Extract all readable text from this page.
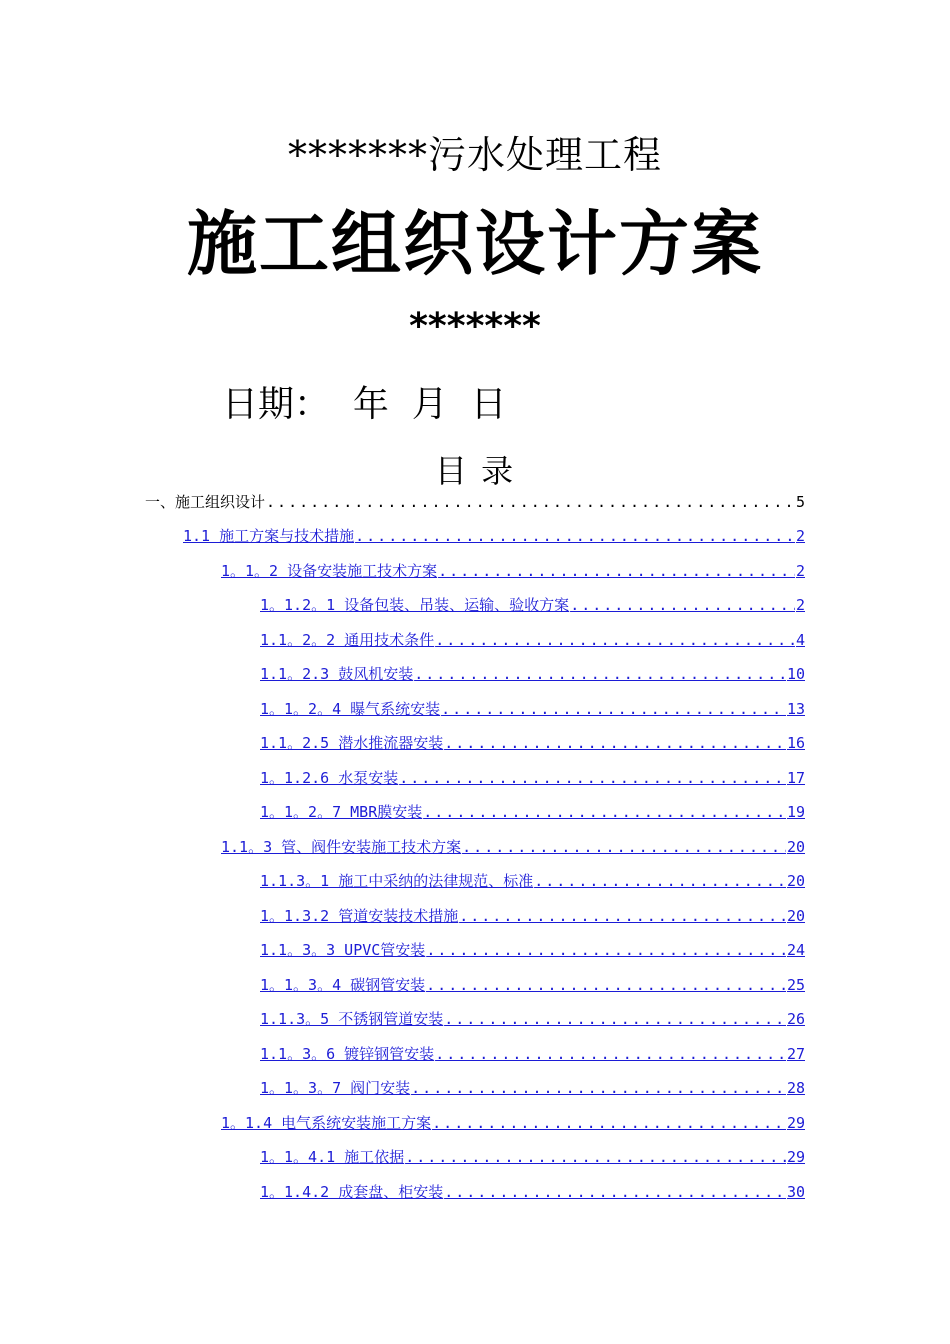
*******污水处理工程
施工组织设计方案
*******
日期：  年  月  日
目 录
一、施工组织设计 .....	5
1.1 施工方案与技术措施 .....	2
1。1。2 设备安装施工技术方案 .....	2
1。1.2。1 设备包装、吊装、运输、验收方案 .....	2
1.1。2。2 通用技术条件 .....	4
1.1。2.3 鼓风机安装 .....	10
1。1。2。4 曝气系统安装 .....	13
1.1。2.5 潜水推流器安装 .....	16
1。1.2.6 水泵安装 .....	17
1。1。2。7 MBR膜安装 .....	19
1.1。3 管、阀件安装施工技术方案 .....	20
1.1.3。1 施工中采纳的法律规范、标准 .....	20
1。1.3.2 管道安装技术措施 .....	20
1.1。3。3 UPVC管安装 .....	24
1。1。3。4 碳钢管安装 .....	25
1.1.3。5 不锈钢管道安装 .....	26
1.1。3。6 镀锌钢管安装 .....	27
1。1。3。7 阀门安装 .....	28
1。1.4 电气系统安装施工方案 .....	29
1。1。4.1 施工依据 .....	29
1。1.4.2 成套盘、柜安装 .....	30
